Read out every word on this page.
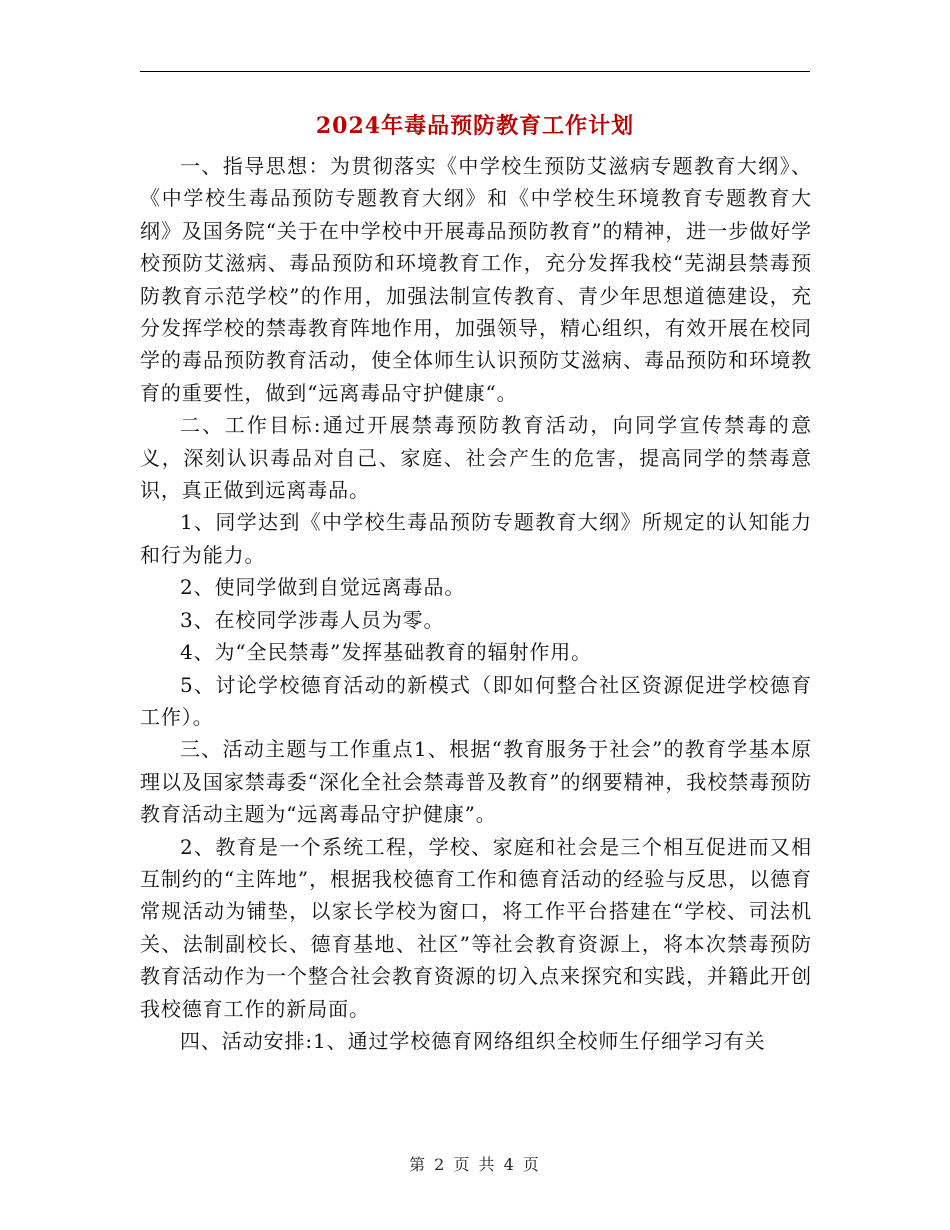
2024年毒品预防教育工作计划

一、指导思想：为贯彻落实《中学校生预防艾滋病专题教育大纲》、《中学校生毒品预防专题教育大纲》和《中学校生环境教育专题教育大纲》及国务院“关于在中学校中开展毒品预防教育”的精神，进一步做好学校预防艾滋病、毒品预防和环境教育工作，充分发挥我校“芜湖县禁毒预防教育示范学校”的作用，加强法制宣传教育、青少年思想道德建设，充分发挥学校的禁毒教育阵地作用，加强领导，精心组织，有效开展在校同学的毒品预防教育活动，使全体师生认识预防艾滋病、毒品预防和环境教育的重要性，做到“远离毒品守护健康“。

二、工作目标:通过开展禁毒预防教育活动，向同学宣传禁毒的意义，深刻认识毒品对自己、家庭、社会产生的危害，提高同学的禁毒意识，真正做到远离毒品。

1、同学达到《中学校生毒品预防专题教育大纲》所规定的认知能力和行为能力。

2、使同学做到自觉远离毒品。

3、在校同学涉毒人员为零。

4、为“全民禁毒”发挥基础教育的辐射作用。

5、讨论学校德育活动的新模式（即如何整合社区资源促进学校德育工作）。

三、活动主题与工作重点1、根据“教育服务于社会”的教育学基本原理以及国家禁毒委“深化全社会禁毒普及教育”的纲要精神，我校禁毒预防教育活动主题为“远离毒品守护健康”。

2、教育是一个系统工程，学校、家庭和社会是三个相互促进而又相互制约的“主阵地”，根据我校德育工作和德育活动的经验与反思，以德育常规活动为铺垫，以家长学校为窗口，将工作平台搭建在“学校、司法机关、法制副校长、德育基地、社区”等社会教育资源上，将本次禁毒预防教育活动作为一个整合社会教育资源的切入点来探究和实践，并籍此开创我校德育工作的新局面。

四、活动安排:1、通过学校德育网络组织全校师生仔细学习有关

第 2 页 共 4 页
